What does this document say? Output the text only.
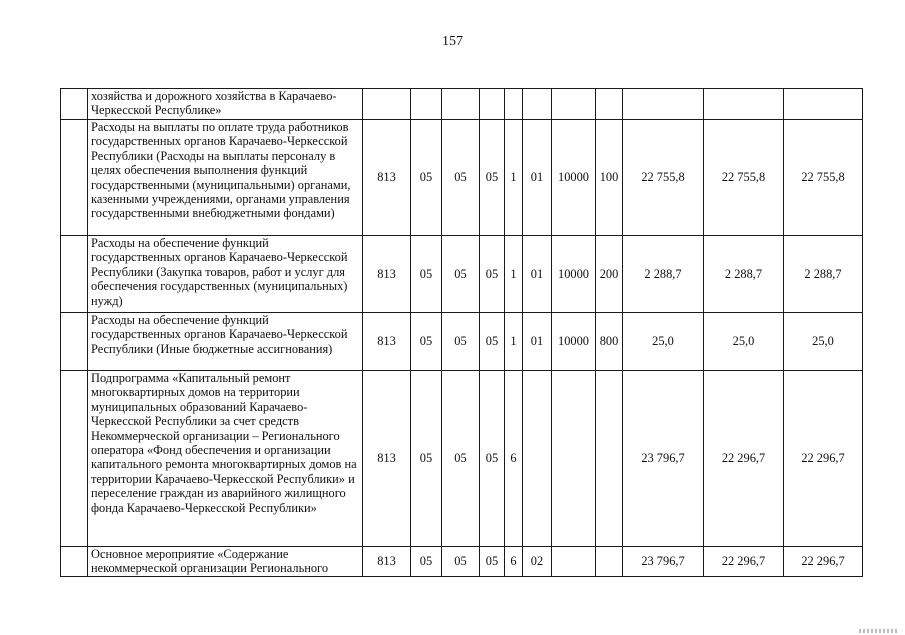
157
	хозяйства и дорожного хозяйства в Карачаево-Черкесской Республике»											
	Расходы на выплаты по оплате труда работников государственных органов Карачаево-Черкесской Республики (Расходы на выплаты персоналу в целях обеспечения выполнения функций государственными (муниципальными) органами, казенными учреждениями, органами управления государственными внебюджетными фондами)	813	05	05	05	1	01	10000	100	22 755,8	22 755,8	22 755,8
	Расходы на обеспечение функций государственных органов Карачаево-Черкесской Республики (Закупка товаров, работ и услуг для обеспечения государственных (муниципальных) нужд)	813	05	05	05	1	01	10000	200	2 288,7	2 288,7	2 288,7
	Расходы на обеспечение функций государственных органов Карачаево-Черкесской Республики (Иные бюджетные ассигнования)	813	05	05	05	1	01	10000	800	25,0	25,0	25,0
	Подпрограмма «Капитальный ремонт многоквартирных домов на территории муниципальных образований Карачаево-Черкесской Республики за счет средств Некоммерческой организации – Регионального оператора «Фонд обеспечения и организации капитального ремонта многоквартирных домов на территории Карачаево-Черкесской Республики» и переселение граждан из аварийного жилищного фонда Карачаево-Черкесской Республики»	813	05	05	05	6				23 796,7	22 296,7	22 296,7
	Основное мероприятие «Содержание некоммерческой организации Регионального	813	05	05	05	6	02			23 796,7	22 296,7	22 296,7
